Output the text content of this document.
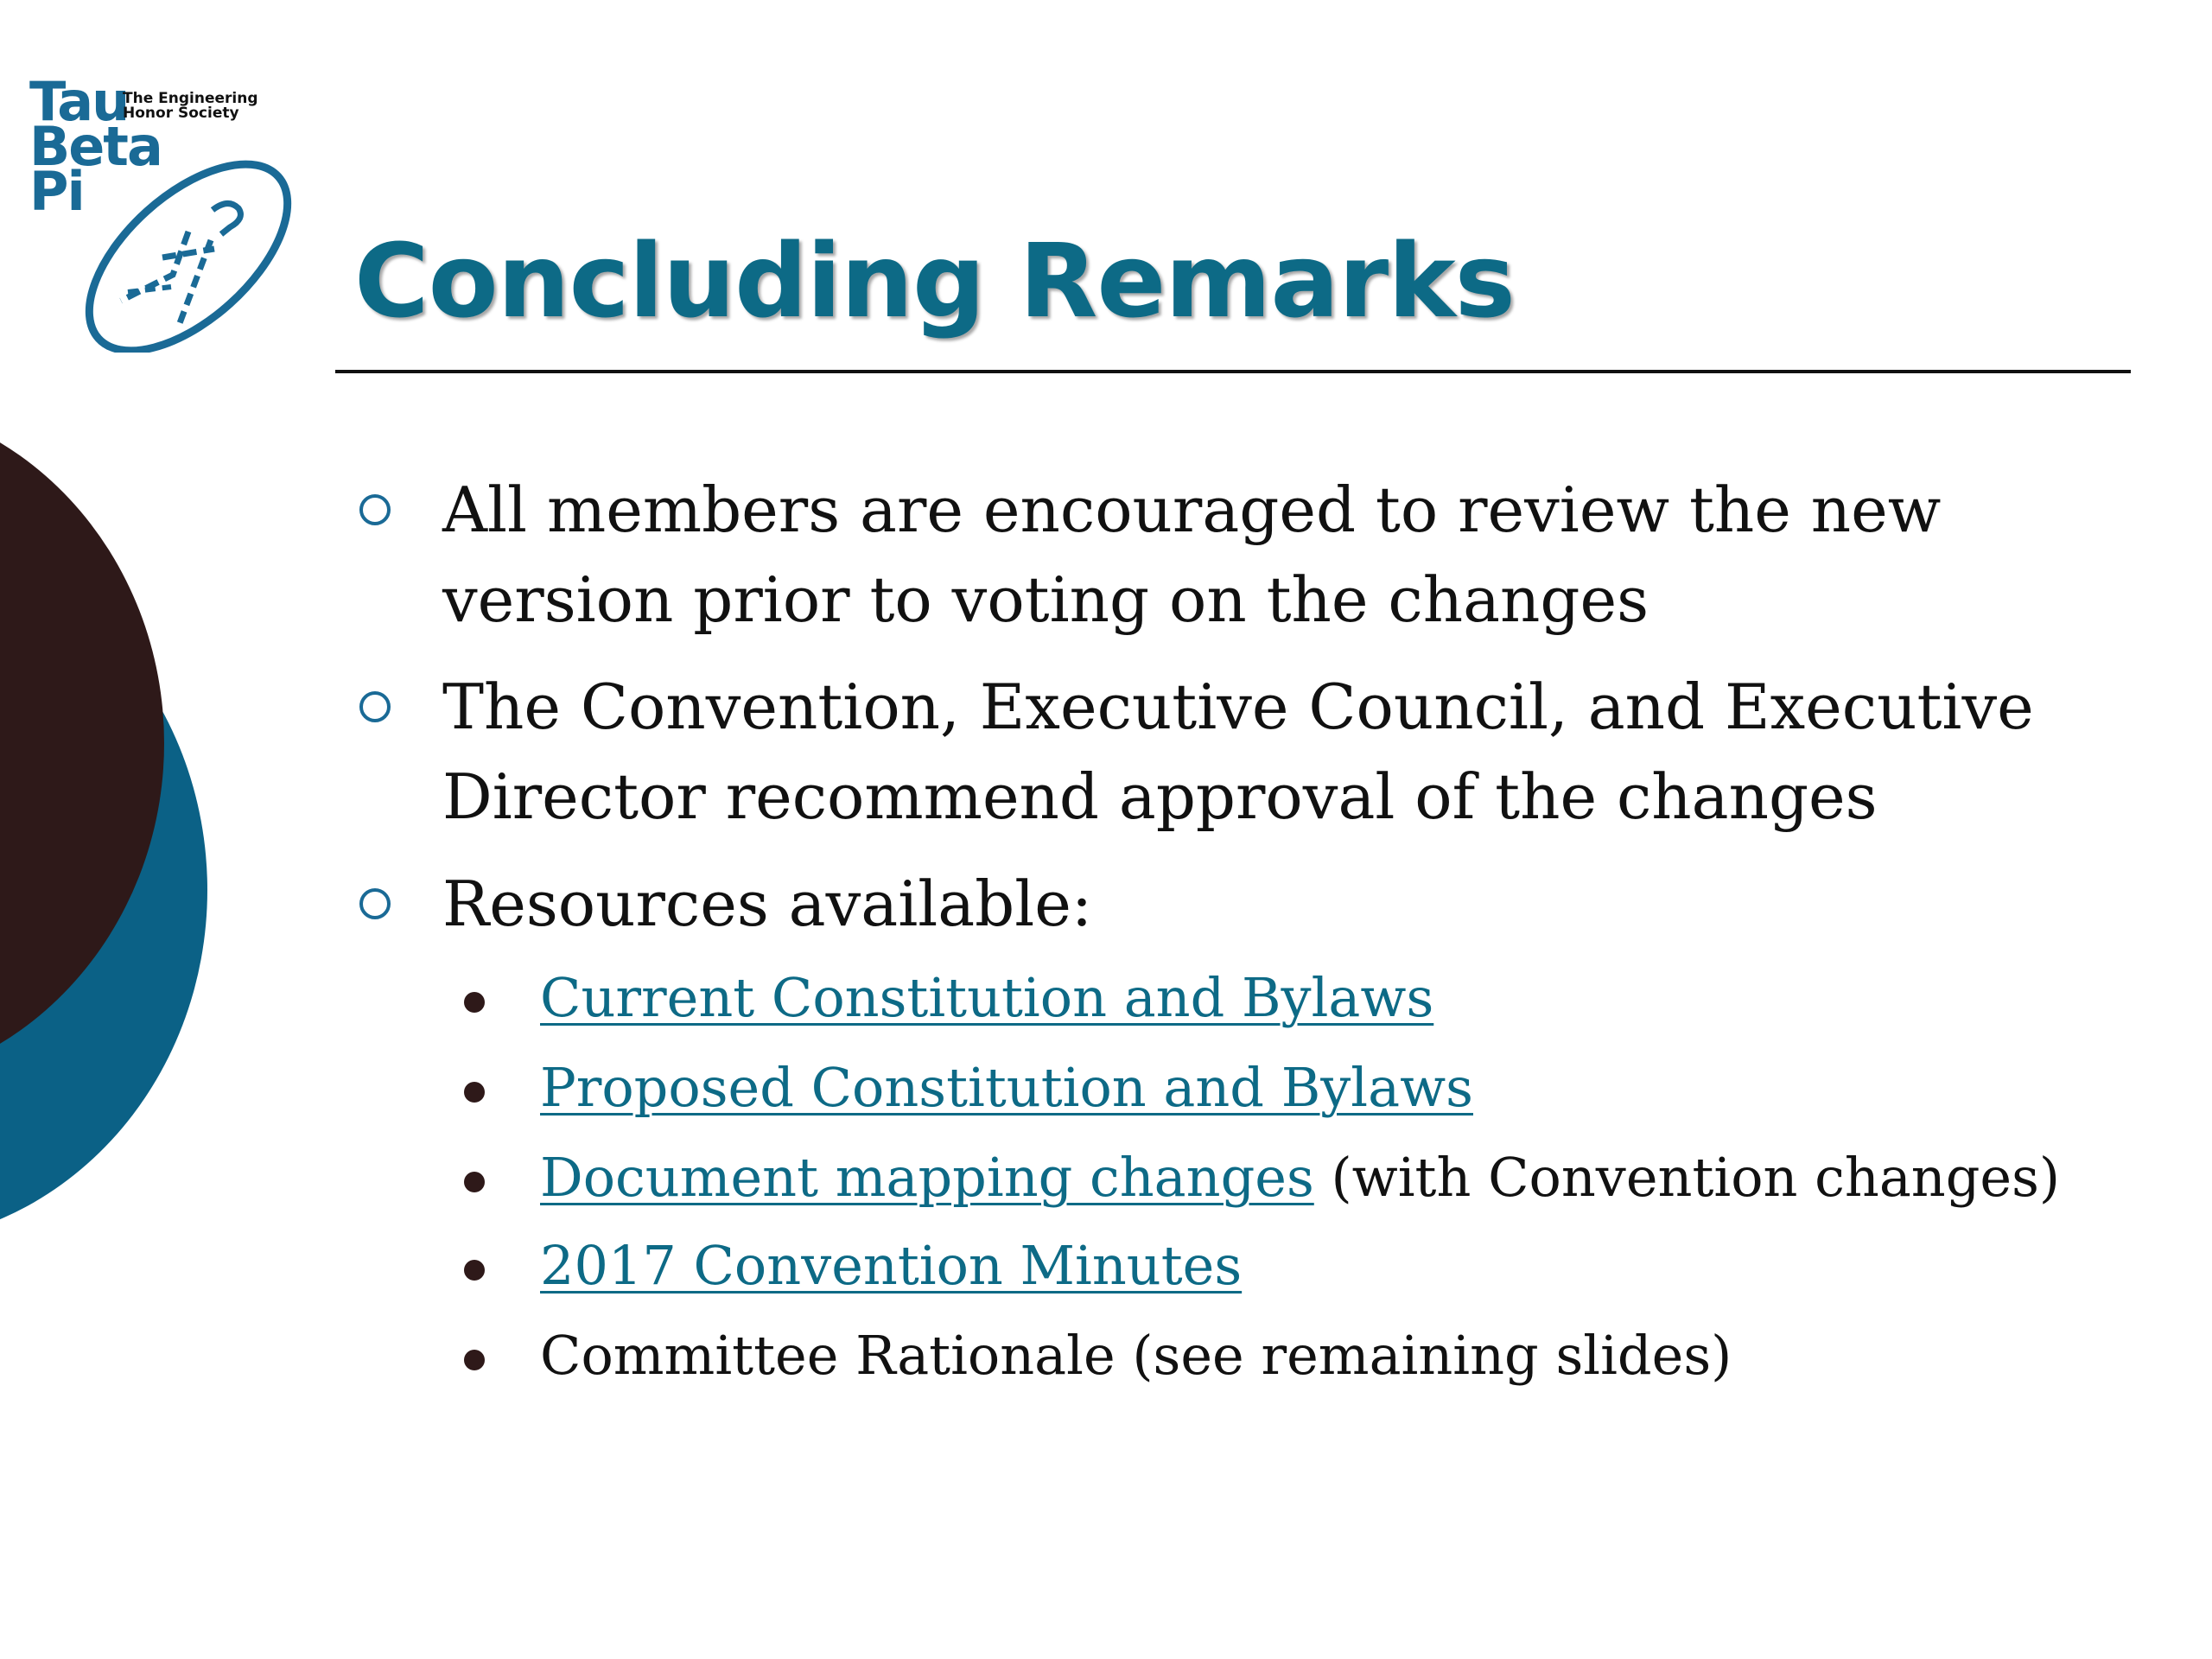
Tau
Beta
Pi
The Engineering
Honor Society
Concluding Remarks
All members are encouraged to review the new version prior to voting on the changes
The Convention, Executive Council, and Executive Director recommend approval of the changes
Resources available:
Current Constitution and Bylaws
Proposed Constitution and Bylaws
Document mapping changes (with Convention changes)
2017 Convention Minutes
Committee Rationale (see remaining slides)
